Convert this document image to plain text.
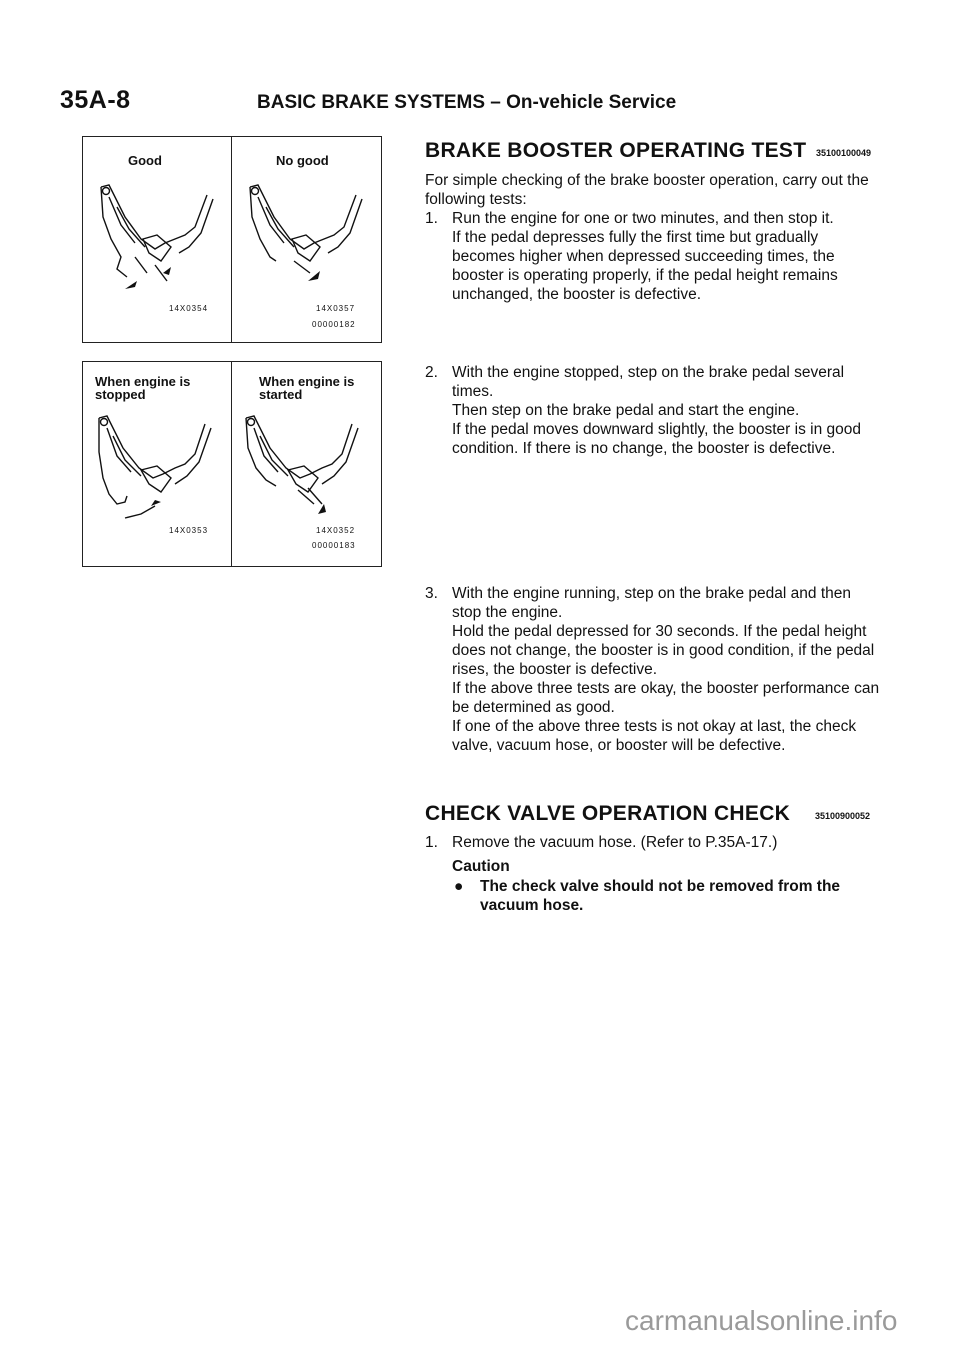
35A-8	BASIC BRAKE SYSTEMS – On-vehicle Service
Good
14X0354
No good
14X0357
00000182
When engine is stopped
14X0353
When engine is started
14X0352
00000183
BRAKE BOOSTER OPERATING TEST 35100100049
For simple checking of the brake booster operation, carry out the following tests:
1. Run the engine for one or two minutes, and then stop it.

If the pedal depresses fully the first time but gradually becomes higher when depressed succeeding times, the booster is operating properly, if the pedal height remains unchanged, the booster is defective.

2. With the engine stopped, step on the brake pedal several times.

Then step on the brake pedal and start the engine.

If the pedal moves downward slightly, the booster is in good condition. If there is no change, the booster is defective.

3. With the engine running, step on the brake pedal and then stop the engine.

Hold the pedal depressed for 30 seconds. If the pedal height does not change, the booster is in good condition, if the pedal rises, the booster is defective.

If the above three tests are okay, the booster performance can be determined as good.

If one of the above three tests is not okay at last, the check valve, vacuum hose, or booster will be defective.

CHECK VALVE OPERATION CHECK	35100900052
1. Remove the vacuum hose. (Refer to P.35A-17.)

Caution
● The check valve should not be removed from the vacuum hose.
carmanualsonline.info
